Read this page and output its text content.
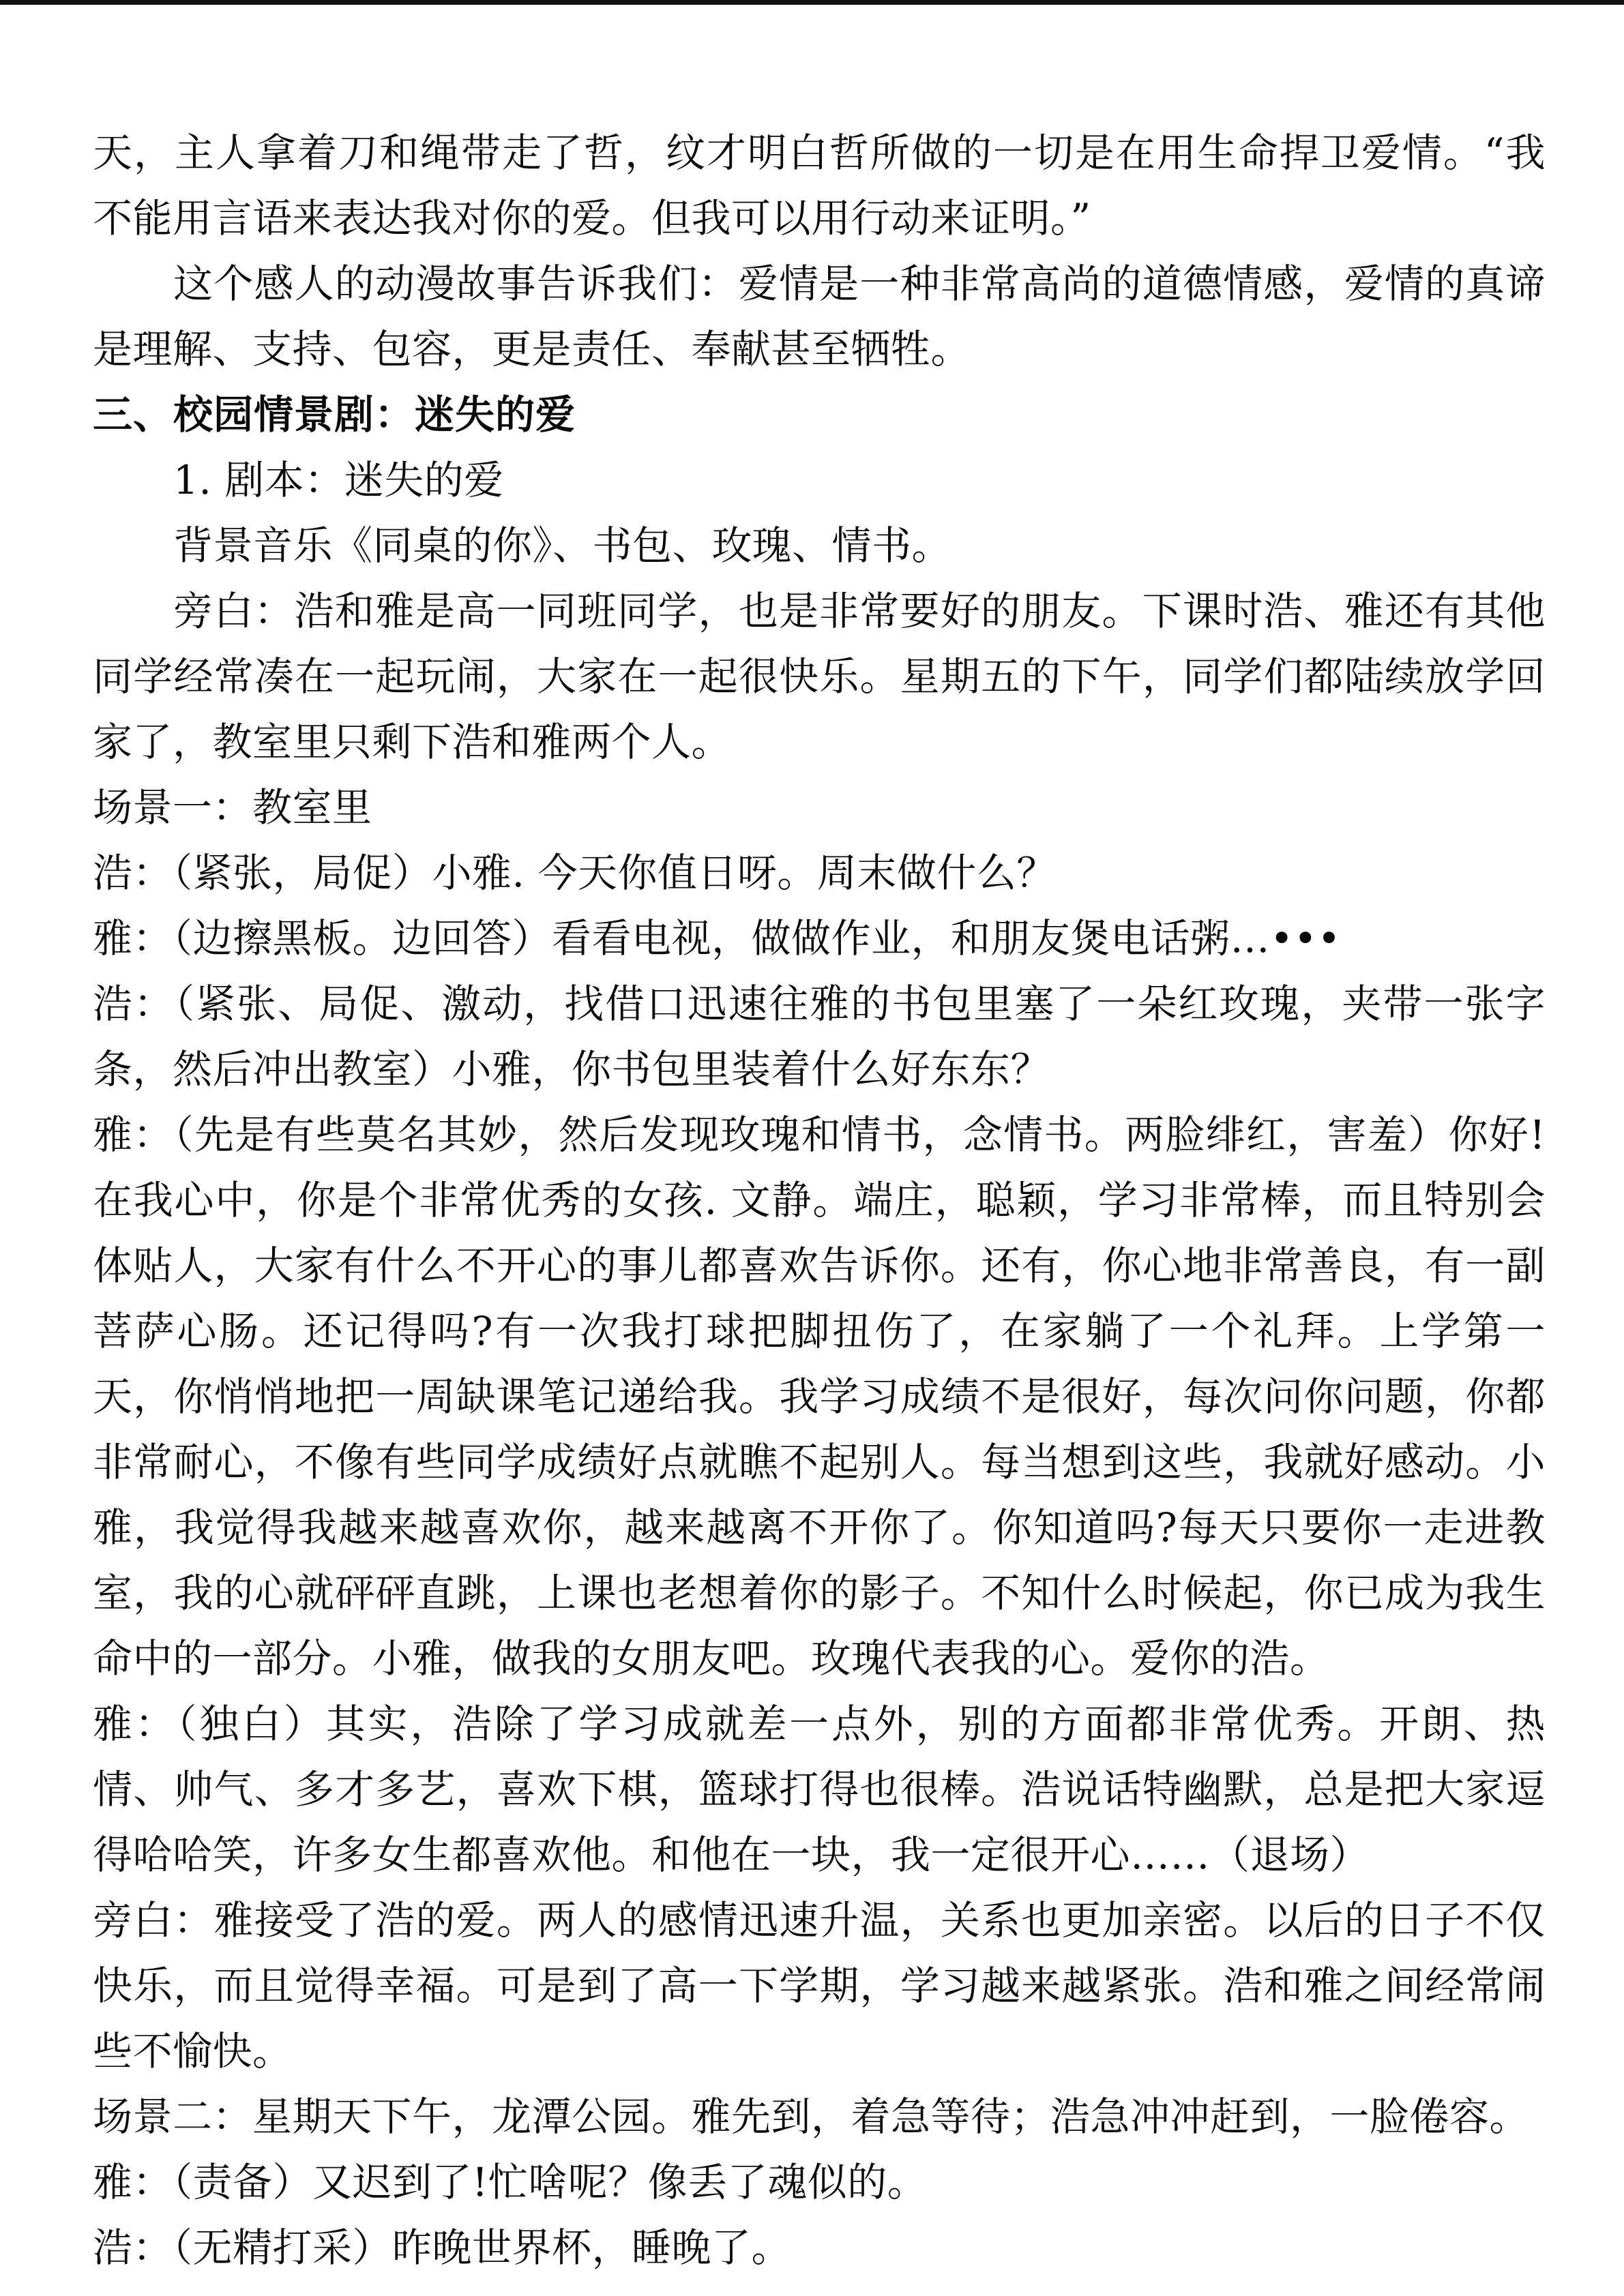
天，主人拿着刀和绳带走了哲，纹才明白哲所做的一切是在用生命捍卫爱情。“我不能用言语来表达我对你的爱。但我可以用行动来证明。”

这个感人的动漫故事告诉我们：爱情是一种非常高尚的道德情感，爱情的真谛是理解、支持、包容，更是责任、奉献甚至牺牲。

三、校园情景剧：迷失的爱

1. 剧本：迷失的爱

背景音乐《同桌的你》、书包、玫瑰、情书。

旁白：浩和雅是高一同班同学，也是非常要好的朋友。下课时浩、雅还有其他同学经常凑在一起玩闹，大家在一起很快乐。星期五的下午，同学们都陆续放学回家了，教室里只剩下浩和雅两个人。

场景一：教室里

浩：（紧张，局促）小雅. 今天你值日呀。周末做什么？

雅：（边擦黑板。边回答）看看电视，做做作业，和朋友煲电话粥…•••

浩：（紧张、局促、激动，找借口迅速往雅的书包里塞了一朵红玫瑰，夹带一张字条，然后冲出教室）小雅，你书包里装着什么好东东？

雅：（先是有些莫名其妙，然后发现玫瑰和情书，念情书。两脸绯红，害羞）你好!在我心中，你是个非常优秀的女孩. 文静。端庄，聪颖，学习非常棒，而且特别会体贴人，大家有什么不开心的事儿都喜欢告诉你。还有，你心地非常善良，有一副菩萨心肠。还记得吗?有一次我打球把脚扭伤了，在家躺了一个礼拜。上学第一天，你悄悄地把一周缺课笔记递给我。我学习成绩不是很好，每次问你问题，你都非常耐心，不像有些同学成绩好点就瞧不起别人。每当想到这些，我就好感动。小雅，我觉得我越来越喜欢你，越来越离不开你了。你知道吗?每天只要你一走进教室，我的心就砰砰直跳，上课也老想着你的影子。不知什么时候起，你已成为我生命中的一部分。小雅，做我的女朋友吧。玫瑰代表我的心。爱你的浩。

雅：（独白）其实，浩除了学习成就差一点外，别的方面都非常优秀。开朗、热情、帅气、多才多艺，喜欢下棋，篮球打得也很棒。浩说话特幽默，总是把大家逗得哈哈笑，许多女生都喜欢他。和他在一块，我一定很开心……（退场）

旁白：雅接受了浩的爱。两人的感情迅速升温，关系也更加亲密。以后的日子不仅快乐，而且觉得幸福。可是到了高一下学期，学习越来越紧张。浩和雅之间经常闹些不愉快。

场景二：星期天下午，龙潭公园。雅先到，着急等待；浩急冲冲赶到，一脸倦容。

雅：（责备）又迟到了!忙啥呢？像丢了魂似的。

浩：（无精打采）昨晚世界杯，睡晚了。
